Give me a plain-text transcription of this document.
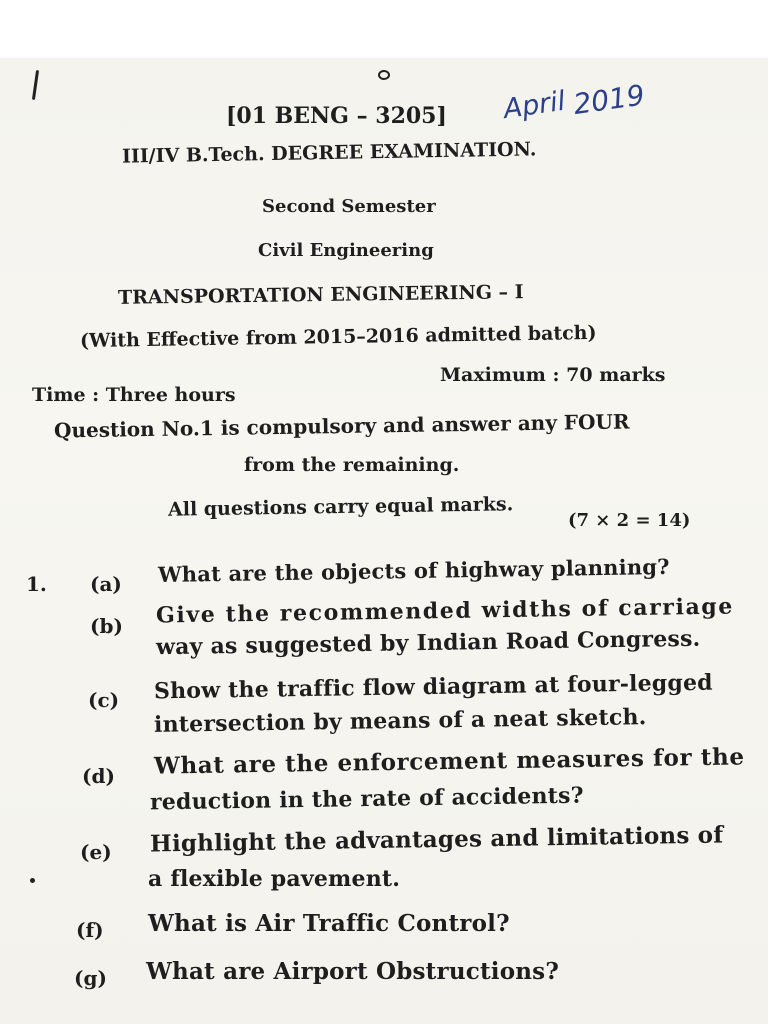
[01 BENG – 3205] April 2019
III/IV B.Tech. DEGREE EXAMINATION.
Second Semester
Civil Engineering
TRANSPORTATION ENGINEERING – I
(With Effective from 2015–2016 admitted batch)
Time : Three hours
Maximum : 70 marks
Question No.1 is compulsory and answer any FOUR
from the remaining.
All questions carry equal marks.	(7 × 2 = 14)
1. (a) What are the objects of highway planning?
(b) Give the recommended widths of carriage
way as suggested by Indian Road Congress.
(c) Show the traffic flow diagram at four-legged
intersection by means of a neat sketch.
(d) What are the enforcement measures for the
reduction in the rate of accidents?
(e) Highlight the advantages and limitations of
a flexible pavement.
(f) What is Air Traffic Control?
(g) What are Airport Obstructions?
